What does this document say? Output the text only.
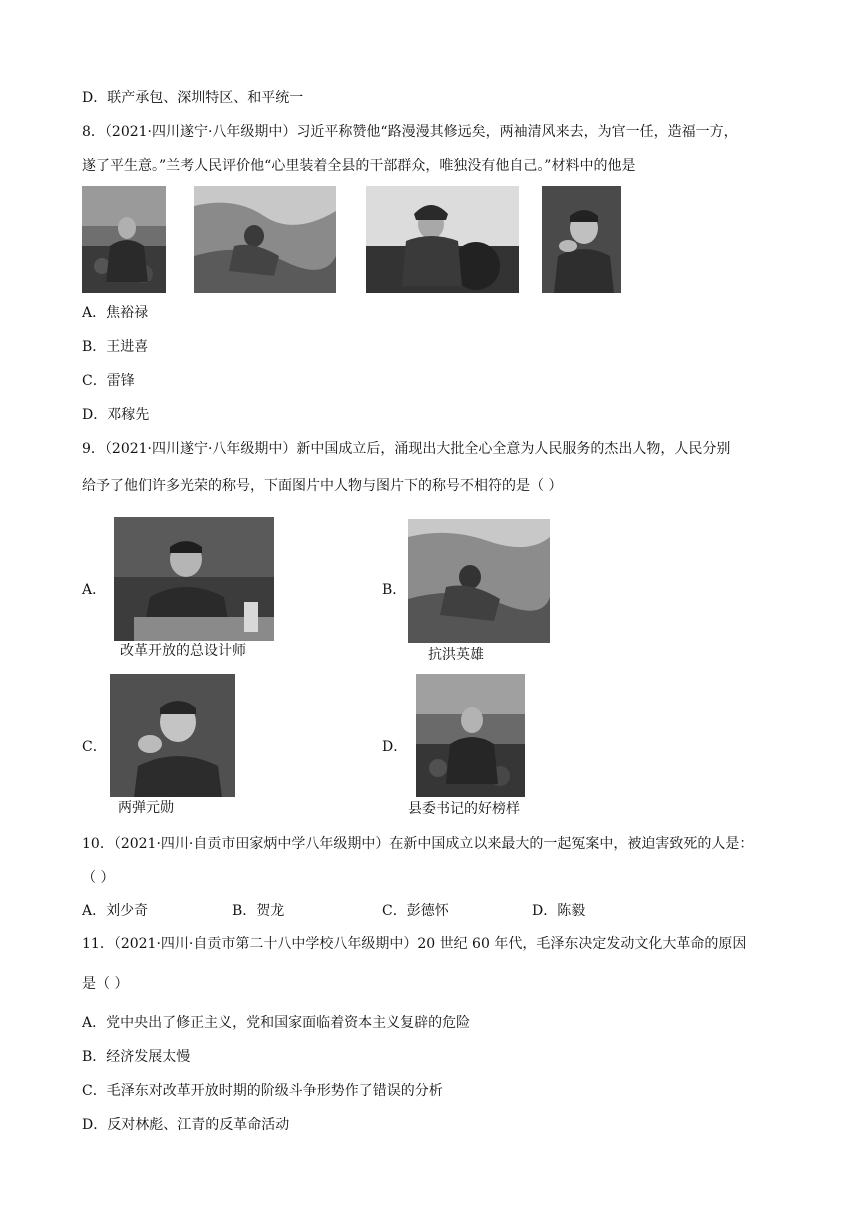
D．联产承包、深圳特区、和平统一
8．（2021·四川遂宁·八年级期中）习近平称赞他“路漫漫其修远矣，两袖清风来去，为官一任，造福一方，
遂了平生意。”兰考人民评价他“心里装着全县的干部群众，唯独没有他自己。”材料中的他是
A．焦裕禄
B．王进喜
C．雷锋
D．邓稼先
9．（2021·四川遂宁·八年级期中）新中国成立后，涌现出大批全心全意为人民服务的杰出人物，人民分别
给予了他们许多光荣的称号，下面图片中人物与图片下的称号不相符的是（ ）
A．
改革开放的总设计师
B．
抗洪英雄
C．
两弹元勋
D．
县委书记的好榜样
10．（2021·四川·自贡市田家炳中学八年级期中）在新中国成立以来最大的一起冤案中，被迫害致死的人是：
（ ）
A．刘少奇	B．贺龙	C．彭德怀	D．陈毅
11．（2021·四川·自贡市第二十八中学校八年级期中）20 世纪 60 年代，毛泽东决定发动文化大革命的原因
是（ ）
A．党中央出了修正主义，党和国家面临着资本主义复辟的危险
B．经济发展太慢
C．毛泽东对改革开放时期的阶级斗争形势作了错误的分析
D．反对林彪、江青的反革命活动
